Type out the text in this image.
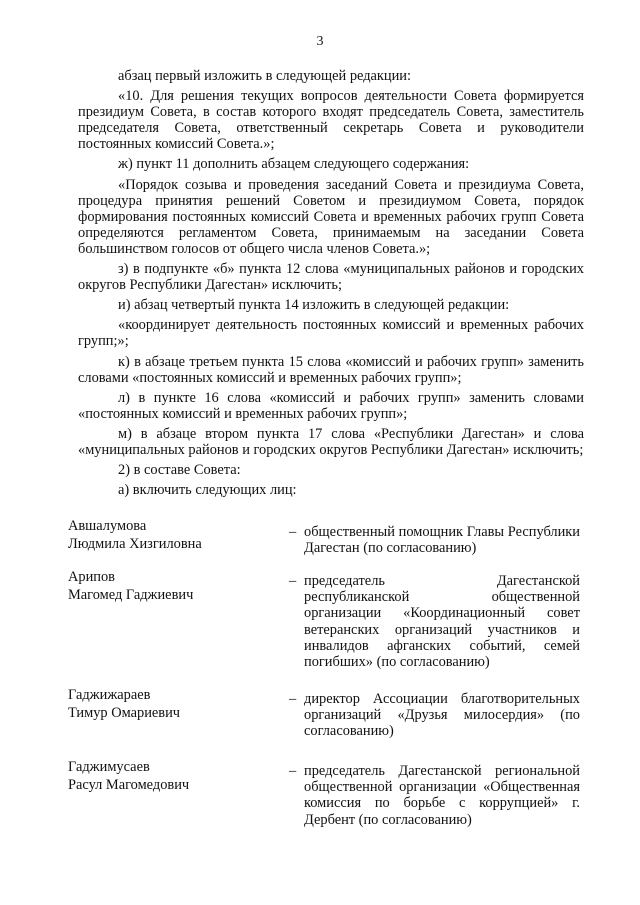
3

абзац первый изложить в следующей редакции:

«10. Для решения текущих вопросов деятельности Совета формируется президиум Совета, в состав которого входят председатель Совета, заместитель председателя Совета, ответственный секретарь Совета и руководители постоянных комиссий Совета.»;

ж) пункт 11 дополнить абзацем следующего содержания:

«Порядок созыва и проведения заседаний Совета и президиума Совета, процедура принятия решений Советом и президиумом Совета, порядок формирования постоянных комиссий Совета и временных рабочих групп Совета определяются регламентом Совета, принимаемым на заседании Совета большинством голосов от общего числа членов Совета.»;

з) в подпункте «б» пункта 12 слова «муниципальных районов и городских округов Республики Дагестан» исключить;

и) абзац четвертый пункта 14 изложить в следующей редакции:

«координирует деятельность постоянных комиссий и временных рабочих групп;»;

к) в абзаце третьем пункта 15 слова «комиссий и рабочих групп» заменить словами «постоянных комиссий и временных рабочих групп»;

л) в пункте 16 слова «комиссий и рабочих групп» заменить словами «постоянных комиссий и временных рабочих групп»;

м) в абзаце втором пункта 17 слова «Республики Дагестан» и слова «муниципальных районов и городских округов Республики Дагестан» исключить;

2) в составе Совета:

а) включить следующих лиц:

Авшалумова
Людмила Хизгиловна
– общественный помощник Главы Республики Дагестан (по согласованию)
Арипов
Магомед Гаджиевич
– председатель Дагестанской республиканской общественной организации «Координационный совет ветеранских организаций участников и инвалидов афганских событий, семей погибших» (по согласованию)
Гаджижараев
Тимур Омариевич
– директор Ассоциации благотворительных организаций «Друзья милосердия» (по согласованию)
Гаджимусаев
Расул Магомедович
– председатель Дагестанской региональной общественной организации «Общественная комиссия по борьбе с коррупцией» г. Дербент (по согласованию)
